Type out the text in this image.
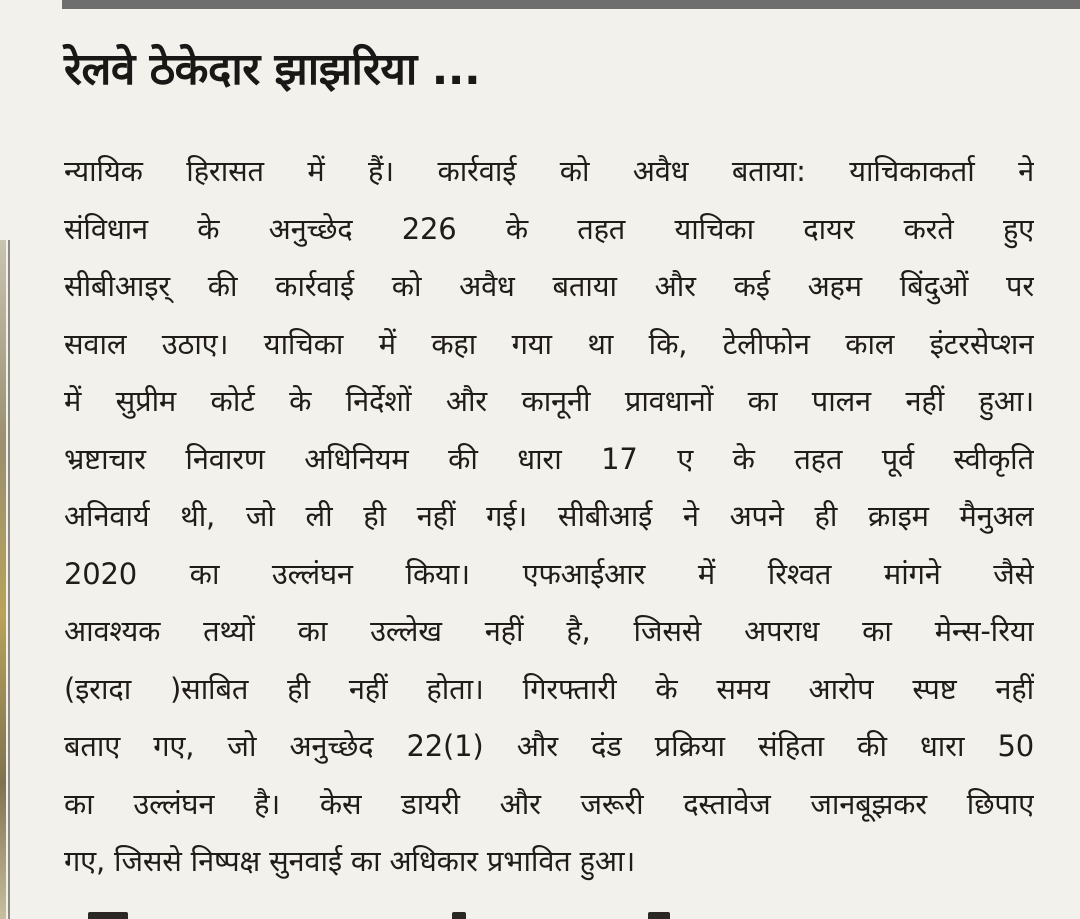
रेलवे ठेकेदार झाझरिया ...
न्यायिक हिरासत में हैं। कार्रवाई को अवैध बताया: याचिकाकर्ता ने
संविधान के अनुच्छेद 226 के तहत याचिका दायर करते हुए
सीबीआइर् की कार्रवाई को अवैध बताया और कई अहम बिंदुओं पर
सवाल उठाए। याचिका में कहा गया था कि, टेलीफोन काल इंटरसेप्शन
में सुप्रीम कोर्ट के निर्देशों और कानूनी प्रावधानों का पालन नहीं हुआ।
भ्रष्टाचार निवारण अधिनियम की धारा 17 ए के तहत पूर्व स्वीकृति
अनिवार्य थी, जो ली ही नहीं गई। सीबीआई ने अपने ही क्राइम मैनुअल
2020 का उल्लंघन किया। एफआईआर में रिश्वत मांगने जैसे
आवश्यक तथ्यों का उल्लेख नहीं है, जिससे अपराध का मेन्स-रिया
(इरादा )साबित ही नहीं होता। गिरफ्तारी के समय आरोप स्पष्ट नहीं
बताए गए, जो अनुच्छेद 22(1) और दंड प्रक्रिया संहिता की धारा 50
का उल्लंघन है। केस डायरी और जरूरी दस्तावेज जानबूझकर छिपाए
गए, जिससे निष्पक्ष सुनवाई का अधिकार प्रभावित हुआ।
